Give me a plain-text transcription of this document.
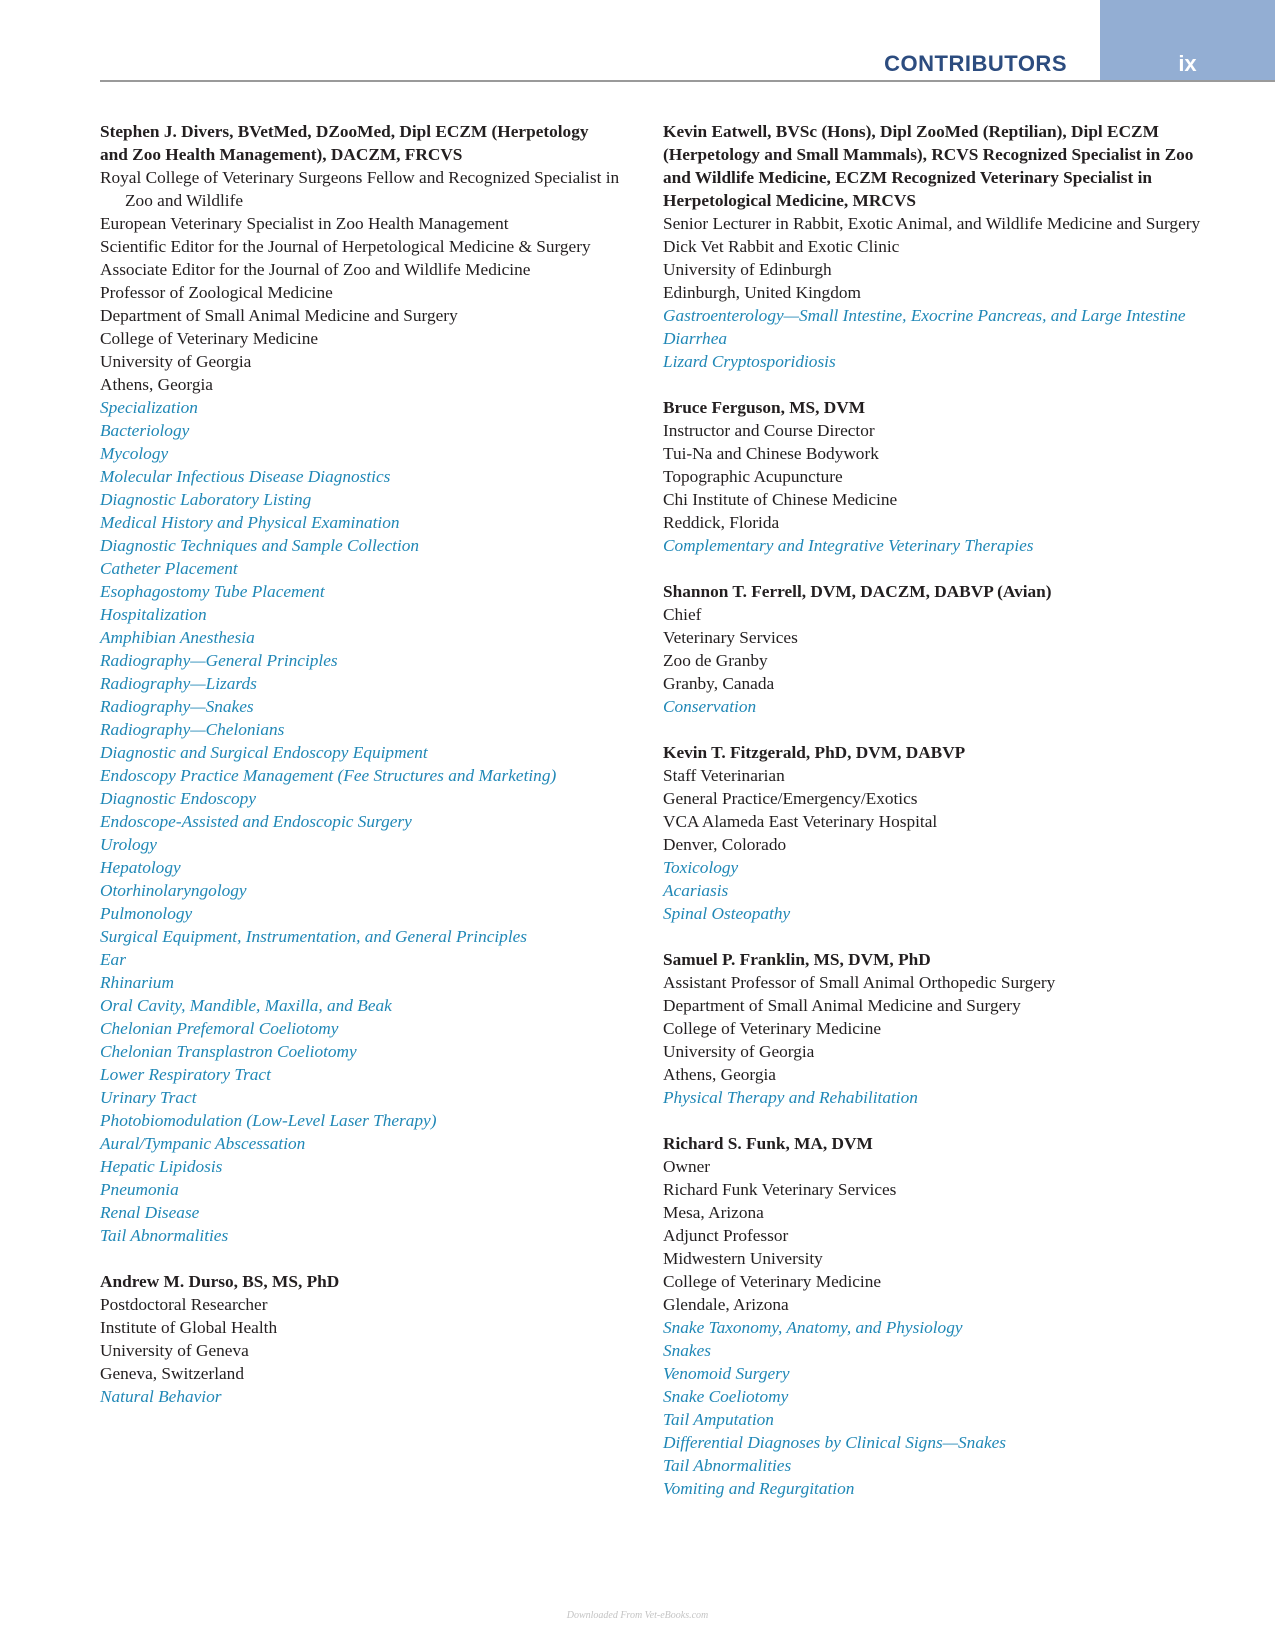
ix
CONTRIBUTORS
Stephen J. Divers, BVetMed, DZooMed, Dipl ECZM (Herpetology and Zoo Health Management), DACZM, FRCVS
Royal College of Veterinary Surgeons Fellow and Recognized Specialist in Zoo and Wildlife
European Veterinary Specialist in Zoo Health Management
Scientific Editor for the Journal of Herpetological Medicine & Surgery
Associate Editor for the Journal of Zoo and Wildlife Medicine
Professor of Zoological Medicine
Department of Small Animal Medicine and Surgery
College of Veterinary Medicine
University of Georgia
Athens, Georgia
Specialization
Bacteriology
Mycology
Molecular Infectious Disease Diagnostics
Diagnostic Laboratory Listing
Medical History and Physical Examination
Diagnostic Techniques and Sample Collection
Catheter Placement
Esophagostomy Tube Placement
Hospitalization
Amphibian Anesthesia
Radiography—General Principles
Radiography—Lizards
Radiography—Snakes
Radiography—Chelonians
Diagnostic and Surgical Endoscopy Equipment
Endoscopy Practice Management (Fee Structures and Marketing)
Diagnostic Endoscopy
Endoscope-Assisted and Endoscopic Surgery
Urology
Hepatology
Otorhinolaryngology
Pulmonology
Surgical Equipment, Instrumentation, and General Principles
Ear
Rhinarium
Oral Cavity, Mandible, Maxilla, and Beak
Chelonian Prefemoral Coeliotomy
Chelonian Transplastron Coeliotomy
Lower Respiratory Tract
Urinary Tract
Photobiomodulation (Low-Level Laser Therapy)
Aural/Tympanic Abscessation
Hepatic Lipidosis
Pneumonia
Renal Disease
Tail Abnormalities
Andrew M. Durso, BS, MS, PhD
Postdoctoral Researcher
Institute of Global Health
University of Geneva
Geneva, Switzerland
Natural Behavior
Kevin Eatwell, BVSc (Hons), Dipl ZooMed (Reptilian), Dipl ECZM (Herpetology and Small Mammals), RCVS Recognized Specialist in Zoo and Wildlife Medicine, ECZM Recognized Veterinary Specialist in Herpetological Medicine, MRCVS
Senior Lecturer in Rabbit, Exotic Animal, and Wildlife Medicine and Surgery
Dick Vet Rabbit and Exotic Clinic
University of Edinburgh
Edinburgh, United Kingdom
Gastroenterology—Small Intestine, Exocrine Pancreas, and Large Intestine
Diarrhea
Lizard Cryptosporidiosis
Bruce Ferguson, MS, DVM
Instructor and Course Director
Tui-Na and Chinese Bodywork
Topographic Acupuncture
Chi Institute of Chinese Medicine
Reddick, Florida
Complementary and Integrative Veterinary Therapies
Shannon T. Ferrell, DVM, DACZM, DABVP (Avian)
Chief
Veterinary Services
Zoo de Granby
Granby, Canada
Conservation
Kevin T. Fitzgerald, PhD, DVM, DABVP
Staff Veterinarian
General Practice/Emergency/Exotics
VCA Alameda East Veterinary Hospital
Denver, Colorado
Toxicology
Acariasis
Spinal Osteopathy
Samuel P. Franklin, MS, DVM, PhD
Assistant Professor of Small Animal Orthopedic Surgery
Department of Small Animal Medicine and Surgery
College of Veterinary Medicine
University of Georgia
Athens, Georgia
Physical Therapy and Rehabilitation
Richard S. Funk, MA, DVM
Owner
Richard Funk Veterinary Services
Mesa, Arizona
Adjunct Professor
Midwestern University
College of Veterinary Medicine
Glendale, Arizona
Snake Taxonomy, Anatomy, and Physiology
Snakes
Venomoid Surgery
Snake Coeliotomy
Tail Amputation
Differential Diagnoses by Clinical Signs—Snakes
Tail Abnormalities
Vomiting and Regurgitation
Downloaded From Vet-eBooks.com
